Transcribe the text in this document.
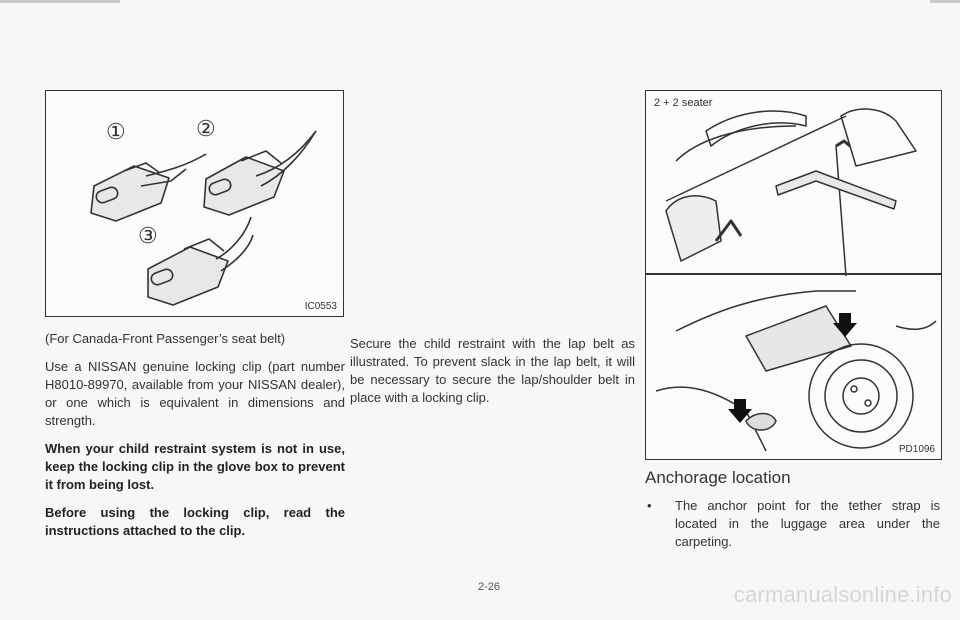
①	②
③
IC0553

(For Canada-Front Passenger’s seat belt)

Use a NISSAN genuine locking clip (part number H8010-89970, available from your NISSAN dealer), or one which is equivalent in dimensions and strength.

When your child restraint system is not in use, keep the locking clip in the glove box to prevent it from being lost.

Before using the locking clip, read the instructions attached to the clip.

Secure the child restraint with the lap belt as illustrated. To prevent slack in the lap belt, it will be necessary to secure the lap/shoulder belt in place with a locking clip.

2 + 2 seater
PD1096
Anchorage location
• The anchor point for the tether strap is located in the luggage area under the carpeting.
2-26	carmanualsonline.info
